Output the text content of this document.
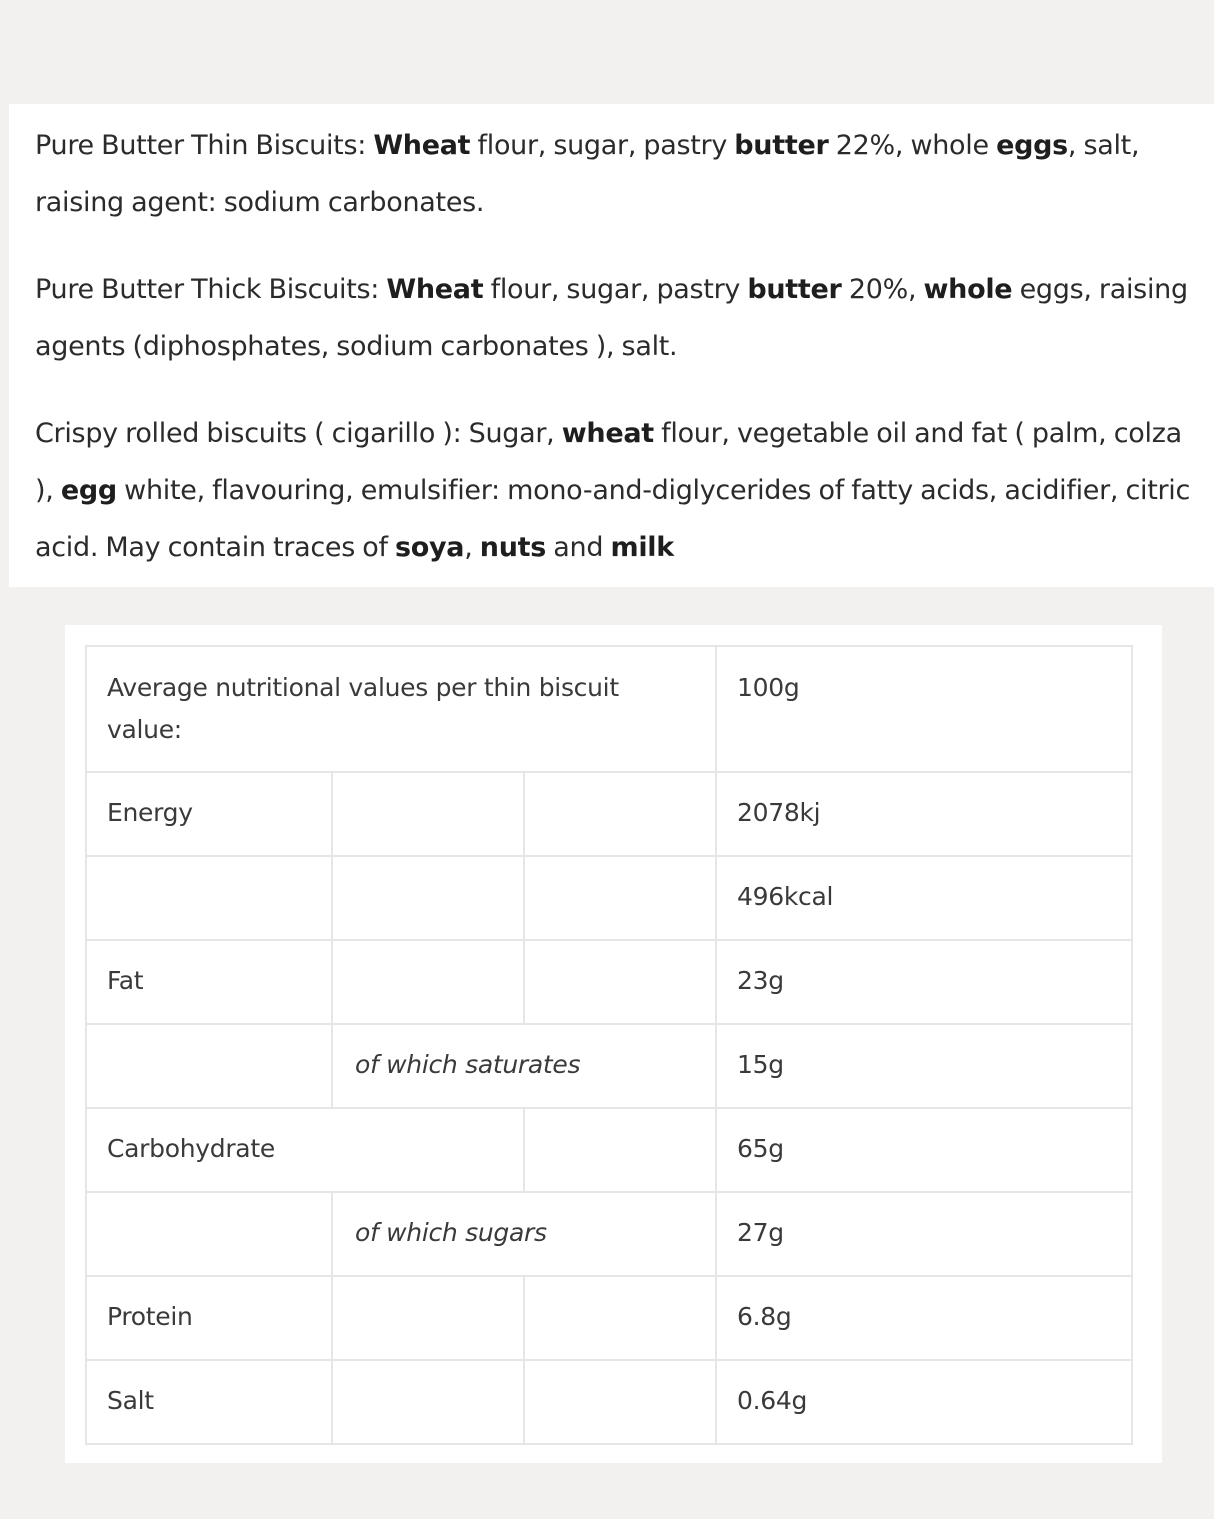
Pure Butter Thin Biscuits: Wheat flour, sugar, pastry butter 22%, whole eggs, salt, raising agent: sodium carbonates.

Pure Butter Thick Biscuits: Wheat flour, sugar, pastry butter 20%, whole eggs, raising agents (diphosphates, sodium carbonates ), salt.

Crispy rolled biscuits ( cigarillo ): Sugar, wheat flour, vegetable oil and fat ( palm, colza ), egg white, flavouring, emulsifier: mono-and-diglycerides of fatty acids, acidifier, citric acid. May contain traces of soya, nuts and milk

Average nutritional values per thin biscuit value:			100g
Energy			2078kj
			496kcal
Fat			23g
	of which saturates		15g
Carbohydrate			65g
	of which sugars		27g
Protein			6.8g
Salt			0.64g
